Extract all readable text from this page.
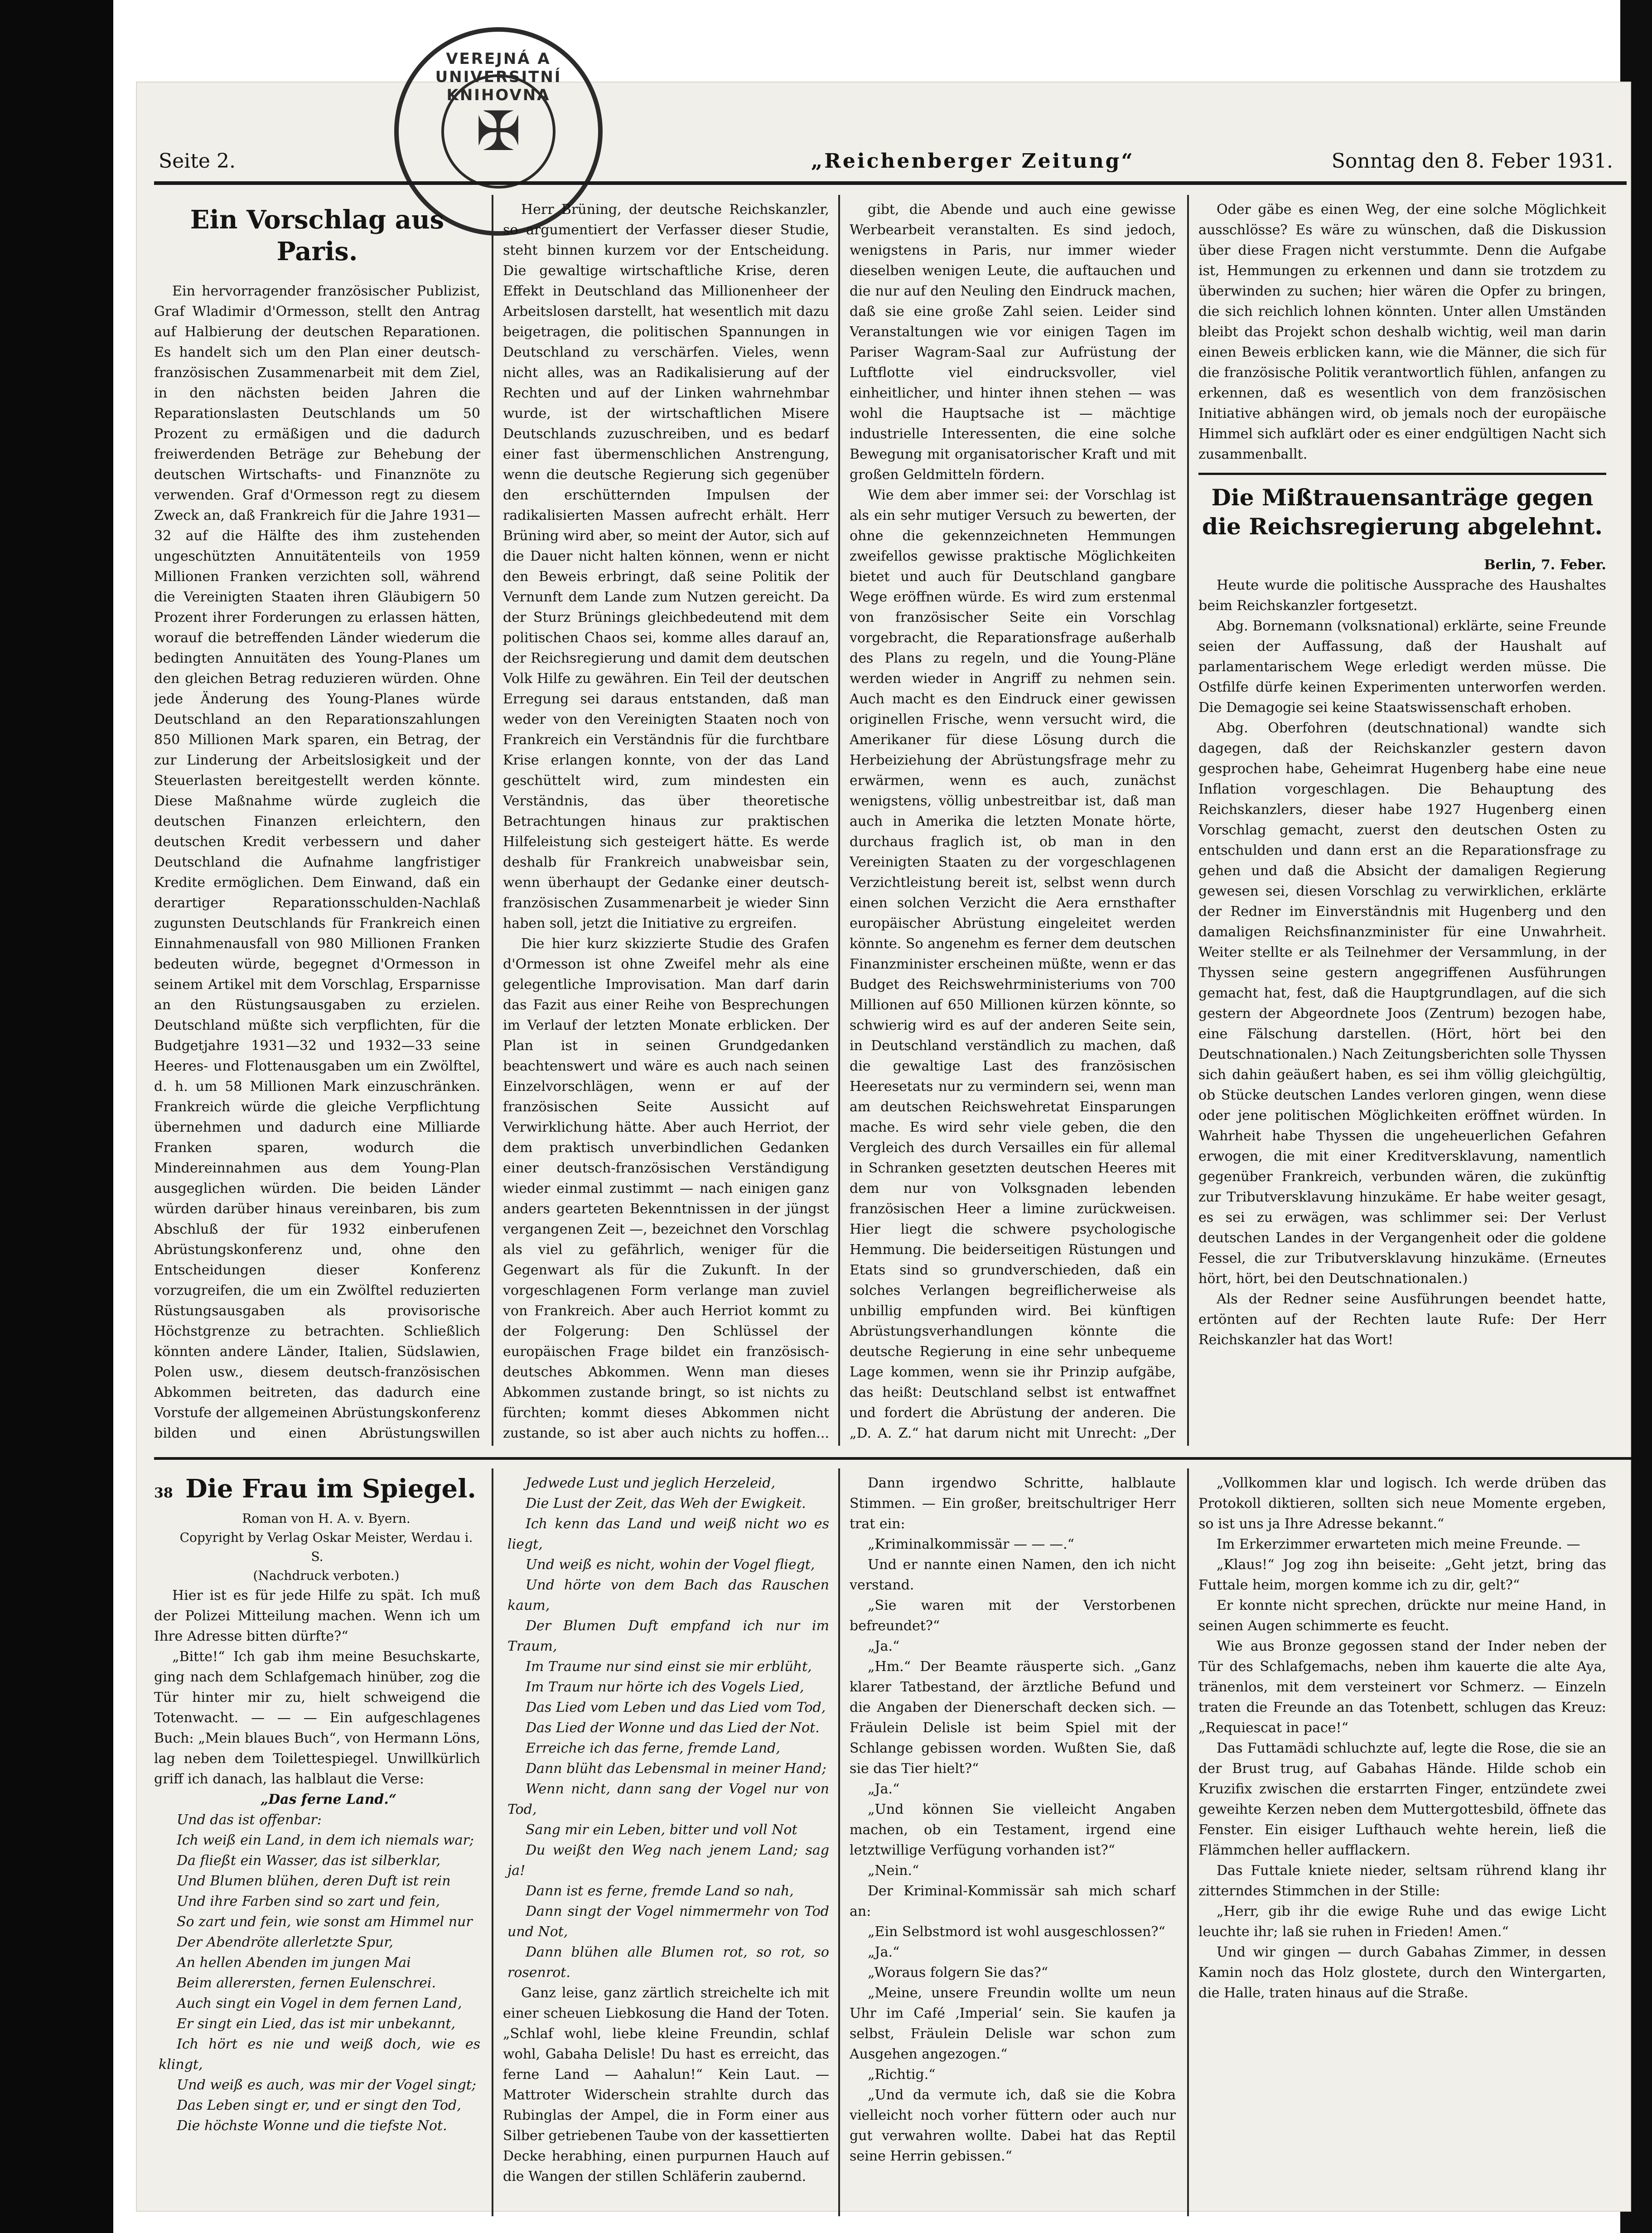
VEREJNÁ A UNIVERSITNÍ KNIHOVNA
✠
Seite 2.	„Reichenberger Zeitung“	Sonntag den 8. Feber 1931.
Ein Vorschlag aus Paris.

Ein hervorragender französischer Publizist, Graf Wladimir d'Ormesson, stellt den Antrag auf Halbierung der deutschen Reparationen. Es handelt sich um den Plan einer deutsch-französischen Zusammenarbeit mit dem Ziel, in den nächsten beiden Jahren die Reparationslasten Deutschlands um 50 Prozent zu ermäßigen und die dadurch freiwerdenden Beträge zur Behebung der deutschen Wirtschafts- und Finanznöte zu verwenden. Graf d'Ormesson regt zu diesem Zweck an, daß Frankreich für die Jahre 1931—32 auf die Hälfte des ihm zustehenden ungeschützten Annuitätenteils von 1959 Millionen Franken verzichten soll, während die Vereinigten Staaten ihren Gläubigern 50 Prozent ihrer Forderungen zu erlassen hätten, worauf die betreffenden Länder wiederum die bedingten Annuitäten des Young-Planes um den gleichen Betrag reduzieren würden. Ohne jede Änderung des Young-Planes würde Deutschland an den Reparationszahlungen 850 Millionen Mark sparen, ein Betrag, der zur Linderung der Arbeitslosigkeit und der Steuerlasten bereitgestellt werden könnte. Diese Maßnahme würde zugleich die deutschen Finanzen erleichtern, den deutschen Kredit verbessern und daher Deutschland die Aufnahme langfristiger Kredite ermöglichen. Dem Einwand, daß ein derartiger Reparationsschulden-Nachlaß zugunsten Deutschlands für Frankreich einen Einnahmenausfall von 980 Millionen Franken bedeuten würde, begegnet d'Ormesson in seinem Artikel mit dem Vorschlag, Ersparnisse an den Rüstungsausgaben zu erzielen. Deutschland müßte sich verpflichten, für die Budgetjahre 1931—32 und 1932—33 seine Heeres- und Flottenausgaben um ein Zwölftel, d. h. um 58 Millionen Mark einzuschränken. Frankreich würde die gleiche Verpflichtung übernehmen und dadurch eine Milliarde Franken sparen, wodurch die Mindereinnahmen aus dem Young-Plan ausgeglichen würden. Die beiden Länder würden darüber hinaus vereinbaren, bis zum Abschluß der für 1932 einberufenen Abrüstungskonferenz und, ohne den Entscheidungen dieser Konferenz vorzugreifen, die um ein Zwölftel reduzierten Rüstungsausgaben als provisorische Höchstgrenze zu betrachten. Schließlich könnten andere Länder, Italien, Südslawien, Polen usw., diesem deutsch-französischen Abkommen beitreten, das dadurch eine Vorstufe der allgemeinen Abrüstungskonferenz bilden und einen Abrüstungswillen

Herr Brüning, der deutsche Reichskanzler, so argumentiert der Verfasser dieser Studie, steht binnen kurzem vor der Entscheidung. Die gewaltige wirtschaftliche Krise, deren Effekt in Deutschland das Millionenheer der Arbeitslosen darstellt, hat wesentlich mit dazu beigetragen, die politischen Spannungen in Deutschland zu verschärfen. Vieles, wenn nicht alles, was an Radikalisierung auf der Rechten und auf der Linken wahrnehmbar wurde, ist der wirtschaftlichen Misere Deutschlands zuzuschreiben, und es bedarf einer fast übermenschlichen Anstrengung, wenn die deutsche Regierung sich gegenüber den erschütternden Impulsen der radikalisierten Massen aufrecht erhält. Herr Brüning wird aber, so meint der Autor, sich auf die Dauer nicht halten können, wenn er nicht den Beweis erbringt, daß seine Politik der Vernunft dem Lande zum Nutzen gereicht. Da der Sturz Brünings gleichbedeutend mit dem politischen Chaos sei, komme alles darauf an, der Reichsregierung und damit dem deutschen Volk Hilfe zu gewähren. Ein Teil der deutschen Erregung sei daraus entstanden, daß man weder von den Vereinigten Staaten noch von Frankreich ein Verständnis für die furchtbare Krise erlangen konnte, von der das Land geschüttelt wird, zum mindesten ein Verständnis, das über theoretische Betrachtungen hinaus zur praktischen Hilfeleistung sich gesteigert hätte. Es werde deshalb für Frankreich unabweisbar sein, wenn überhaupt der Gedanke einer deutsch-französischen Zusammenarbeit je wieder Sinn haben soll, jetzt die Initiative zu ergreifen.

Die hier kurz skizzierte Studie des Grafen d'Ormesson ist ohne Zweifel mehr als eine gelegentliche Improvisation. Man darf darin das Fazit aus einer Reihe von Besprechungen im Verlauf der letzten Monate erblicken. Der Plan ist in seinen Grundgedanken beachtenswert und wäre es auch nach seinen Einzelvorschlägen, wenn er auf der französischen Seite Aussicht auf Verwirklichung hätte. Aber auch Herriot, der dem praktisch unverbindlichen Gedanken einer deutsch-französischen Verständigung wieder einmal zustimmt — nach einigen ganz anders gearteten Bekenntnissen in der jüngst vergangenen Zeit —, bezeichnet den Vorschlag als viel zu gefährlich, weniger für die Gegenwart als für die Zukunft. In der vorgeschlagenen Form verlange man zuviel von Frankreich. Aber auch Herriot kommt zu der Folgerung: Den Schlüssel der europäischen Frage bildet ein französisch-deutsches Abkommen. Wenn man dieses Abkommen zustande bringt, so ist nichts zu fürchten; kommt dieses Abkommen nicht zustande, so ist aber auch nichts zu hoffen...

gibt, die Abende und auch eine gewisse Werbearbeit veranstalten. Es sind jedoch, wenigstens in Paris, nur immer wieder dieselben wenigen Leute, die auftauchen und die nur auf den Neuling den Eindruck machen, daß sie eine große Zahl seien. Leider sind Veranstaltungen wie vor einigen Tagen im Pariser Wagram-Saal zur Aufrüstung der Luftflotte viel eindrucksvoller, viel einheitlicher, und hinter ihnen stehen — was wohl die Hauptsache ist — mächtige industrielle Interessenten, die eine solche Bewegung mit organisatorischer Kraft und mit großen Geldmitteln fördern.

Wie dem aber immer sei: der Vorschlag ist als ein sehr mutiger Versuch zu bewerten, der ohne die gekennzeichneten Hemmungen zweifellos gewisse praktische Möglichkeiten bietet und auch für Deutschland gangbare Wege eröffnen würde. Es wird zum erstenmal von französischer Seite ein Vorschlag vorgebracht, die Reparationsfrage außerhalb des Plans zu regeln, und die Young-Pläne werden wieder in Angriff zu nehmen sein. Auch macht es den Eindruck einer gewissen originellen Frische, wenn versucht wird, die Amerikaner für diese Lösung durch die Herbeiziehung der Abrüstungsfrage mehr zu erwärmen, wenn es auch, zunächst wenigstens, völlig unbestreitbar ist, daß man auch in Amerika die letzten Monate hörte, durchaus fraglich ist, ob man in den Vereinigten Staaten zu der vorgeschlagenen Verzichtleistung bereit ist, selbst wenn durch einen solchen Verzicht die Aera ernsthafter europäischer Abrüstung eingeleitet werden könnte. So angenehm es ferner dem deutschen Finanzminister erscheinen müßte, wenn er das Budget des Reichswehrministeriums von 700 Millionen auf 650 Millionen kürzen könnte, so schwierig wird es auf der anderen Seite sein, in Deutschland verständlich zu machen, daß die gewaltige Last des französischen Heeresetats nur zu vermindern sei, wenn man am deutschen Reichswehretat Einsparungen mache. Es wird sehr viele geben, die den Vergleich des durch Versailles ein für allemal in Schranken gesetzten deutschen Heeres mit dem nur von Volksgnaden lebenden französischen Heer a limine zurückweisen. Hier liegt die schwere psychologische Hemmung. Die beiderseitigen Rüstungen und Etats sind so grundverschieden, daß ein solches Verlangen begreiflicherweise als unbillig empfunden wird. Bei künftigen Abrüstungsverhandlungen könnte die deutsche Regierung in eine sehr unbequeme Lage kommen, wenn sie ihr Prinzip aufgäbe, das heißt: Deutschland selbst ist entwaffnet und fordert die Abrüstung der anderen. Die „D. A. Z.“ hat darum nicht mit Unrecht: „Der

Oder gäbe es einen Weg, der eine solche Möglichkeit ausschlösse? Es wäre zu wünschen, daß die Diskussion über diese Fragen nicht verstummte. Denn die Aufgabe ist, Hemmungen zu erkennen und dann sie trotzdem zu überwinden zu suchen; hier wären die Opfer zu bringen, die sich reichlich lohnen könnten. Unter allen Umständen bleibt das Projekt schon deshalb wichtig, weil man darin einen Beweis erblicken kann, wie die Männer, die sich für die französische Politik verantwortlich fühlen, anfangen zu erkennen, daß es wesentlich von dem französischen Initiative abhängen wird, ob jemals noch der europäische Himmel sich aufklärt oder es einer endgültigen Nacht sich zusammenballt.

Die Mißtrauensanträge gegen die Reichsregierung abgelehnt.
Berlin, 7. Feber.

Heute wurde die politische Aussprache des Haushaltes beim Reichskanzler fortgesetzt.

Abg. Bornemann (volksnational) erklärte, seine Freunde seien der Auffassung, daß der Haushalt auf parlamentarischem Wege erledigt werden müsse. Die Ostfilfe dürfe keinen Experimenten unterworfen werden. Die Demagogie sei keine Staatswissenschaft erhoben.

Abg. Oberfohren (deutschnational) wandte sich dagegen, daß der Reichskanzler gestern davon gesprochen habe, Geheimrat Hugenberg habe eine neue Inflation vorgeschlagen. Die Behauptung des Reichskanzlers, dieser habe 1927 Hugenberg einen Vorschlag gemacht, zuerst den deutschen Osten zu entschulden und dann erst an die Reparationsfrage zu gehen und daß die Absicht der damaligen Regierung gewesen sei, diesen Vorschlag zu verwirklichen, erklärte der Redner im Einverständnis mit Hugenberg und den damaligen Reichsfinanzminister für eine Unwahrheit. Weiter stellte er als Teilnehmer der Versammlung, in der Thyssen seine gestern angegriffenen Ausführungen gemacht hat, fest, daß die Hauptgrundlagen, auf die sich gestern der Abgeordnete Joos (Zentrum) bezogen habe, eine Fälschung darstellen. (Hört, hört bei den Deutschnationalen.) Nach Zeitungsberichten solle Thyssen sich dahin geäußert haben, es sei ihm völlig gleichgültig, ob Stücke deutschen Landes verloren gingen, wenn diese oder jene politischen Möglichkeiten eröffnet würden. In Wahrheit habe Thyssen die ungeheuerlichen Gefahren erwogen, die mit einer Kreditversklavung, namentlich gegenüber Frankreich, verbunden wären, die zukünftig zur Tributversklavung hinzukäme. Er habe weiter gesagt, es sei zu erwägen, was schlimmer sei: Der Verlust deutschen Landes in der Vergangenheit oder die goldene Fessel, die zur Tributversklavung hinzukäme. (Erneutes hört, hört, bei den Deutschnationalen.)

Als der Redner seine Ausführungen beendet hatte, ertönten auf der Rechten laute Rufe: Der Herr Reichskanzler hat das Wort!

38 Die Frau im Spiegel.

Roman von H. A. v. Byern.

Copyright by Verlag Oskar Meister, Werdau i. S.

(Nachdruck verboten.)

Hier ist es für jede Hilfe zu spät. Ich muß der Polizei Mitteilung machen. Wenn ich um Ihre Adresse bitten dürfte?“

„Bitte!“ Ich gab ihm meine Besuchskarte, ging nach dem Schlafgemach hinüber, zog die Tür hinter mir zu, hielt schweigend die Totenwacht. — — — Ein aufgeschlagenes Buch: „Mein blaues Buch“, von Hermann Löns, lag neben dem Toilettespiegel. Unwillkürlich griff ich danach, las halblaut die Verse:

„Das ferne Land.“

Und das ist offenbar:

Ich weiß ein Land, in dem ich niemals war;

Da fließt ein Wasser, das ist silberklar,

Und Blumen blühen, deren Duft ist rein

Und ihre Farben sind so zart und fein,

So zart und fein, wie sonst am Himmel nur

Der Abendröte allerletzte Spur,

An hellen Abenden im jungen Mai

Beim allerersten, fernen Eulenschrei.

Auch singt ein Vogel in dem fernen Land,

Er singt ein Lied, das ist mir unbekannt,

Ich hört es nie und weiß doch, wie es klingt,

Und weiß es auch, was mir der Vogel singt;

Das Leben singt er, und er singt den Tod,

Die höchste Wonne und die tiefste Not.

Jedwede Lust und jeglich Herzeleid,

Die Lust der Zeit, das Weh der Ewigkeit.

Ich kenn das Land und weiß nicht wo es liegt,

Und weiß es nicht, wohin der Vogel fliegt,

Und hörte von dem Bach das Rauschen kaum,

Der Blumen Duft empfand ich nur im Traum,

Im Traume nur sind einst sie mir erblüht,

Im Traum nur hörte ich des Vogels Lied,

Das Lied vom Leben und das Lied vom Tod,

Das Lied der Wonne und das Lied der Not.

Erreiche ich das ferne, fremde Land,

Dann blüht das Lebensmal in meiner Hand;

Wenn nicht, dann sang der Vogel nur von Tod,

Sang mir ein Leben, bitter und voll Not

Du weißt den Weg nach jenem Land; sag ja!

Dann ist es ferne, fremde Land so nah,

Dann singt der Vogel nimmermehr von Tod und Not,

Dann blühen alle Blumen rot, so rot, so rosenrot.

Ganz leise, ganz zärtlich streichelte ich mit einer scheuen Liebkosung die Hand der Toten. „Schlaf wohl, liebe kleine Freundin, schlaf wohl, Gabaha Delisle! Du hast es erreicht, das ferne Land — Aahalun!“ Kein Laut. — Mattroter Widerschein strahlte durch das Rubinglas der Ampel, die in Form einer aus Silber getriebenen Taube von der kassettierten Decke herabhing, einen purpurnen Hauch auf die Wangen der stillen Schläferin zaubernd.

Dann irgendwo Schritte, halblaute Stimmen. — Ein großer, breitschultriger Herr trat ein:

„Kriminalkommissär — — —.“

Und er nannte einen Namen, den ich nicht verstand.

„Sie waren mit der Verstorbenen befreundet?“

„Ja.“

„Hm.“ Der Beamte räusperte sich. „Ganz klarer Tatbestand, der ärztliche Befund und die Angaben der Dienerschaft decken sich. — Fräulein Delisle ist beim Spiel mit der Schlange gebissen worden. Wußten Sie, daß sie das Tier hielt?“

„Ja.“

„Und können Sie vielleicht Angaben machen, ob ein Testament, irgend eine letztwillige Verfügung vorhanden ist?“

„Nein.“

Der Kriminal-Kommissär sah mich scharf an:

„Ein Selbstmord ist wohl ausgeschlossen?“

„Ja.“

„Woraus folgern Sie das?“

„Meine, unsere Freundin wollte um neun Uhr im Café ‚Imperial‘ sein. Sie kaufen ja selbst, Fräulein Delisle war schon zum Ausgehen angezogen.“

„Richtig.“

„Und da vermute ich, daß sie die Kobra vielleicht noch vorher füttern oder auch nur gut verwahren wollte. Dabei hat das Reptil seine Herrin gebissen.“

„Vollkommen klar und logisch. Ich werde drüben das Protokoll diktieren, sollten sich neue Momente ergeben, so ist uns ja Ihre Adresse bekannt.“

Im Erkerzimmer erwarteten mich meine Freunde. —

„Klaus!“ Jog zog ihn beiseite: „Geht jetzt, bring das Futtale heim, morgen komme ich zu dir, gelt?“

Er konnte nicht sprechen, drückte nur meine Hand, in seinen Augen schimmerte es feucht.

Wie aus Bronze gegossen stand der Inder neben der Tür des Schlafgemachs, neben ihm kauerte die alte Aya, tränenlos, mit dem versteinert vor Schmerz. — Einzeln traten die Freunde an das Totenbett, schlugen das Kreuz: „Requiescat in pace!“

Das Futtamädi schluchzte auf, legte die Rose, die sie an der Brust trug, auf Gabahas Hände. Hilde schob ein Kruzifix zwischen die erstarrten Finger, entzündete zwei geweihte Kerzen neben dem Muttergottesbild, öffnete das Fenster. Ein eisiger Lufthauch wehte herein, ließ die Flämmchen heller aufflackern.

Das Futtale kniete nieder, seltsam rührend klang ihr zitterndes Stimmchen in der Stille:

„Herr, gib ihr die ewige Ruhe und das ewige Licht leuchte ihr; laß sie ruhen in Frieden! Amen.“

Und wir gingen — durch Gabahas Zimmer, in dessen Kamin noch das Holz glostete, durch den Wintergarten, die Halle, traten hinaus auf die Straße.
